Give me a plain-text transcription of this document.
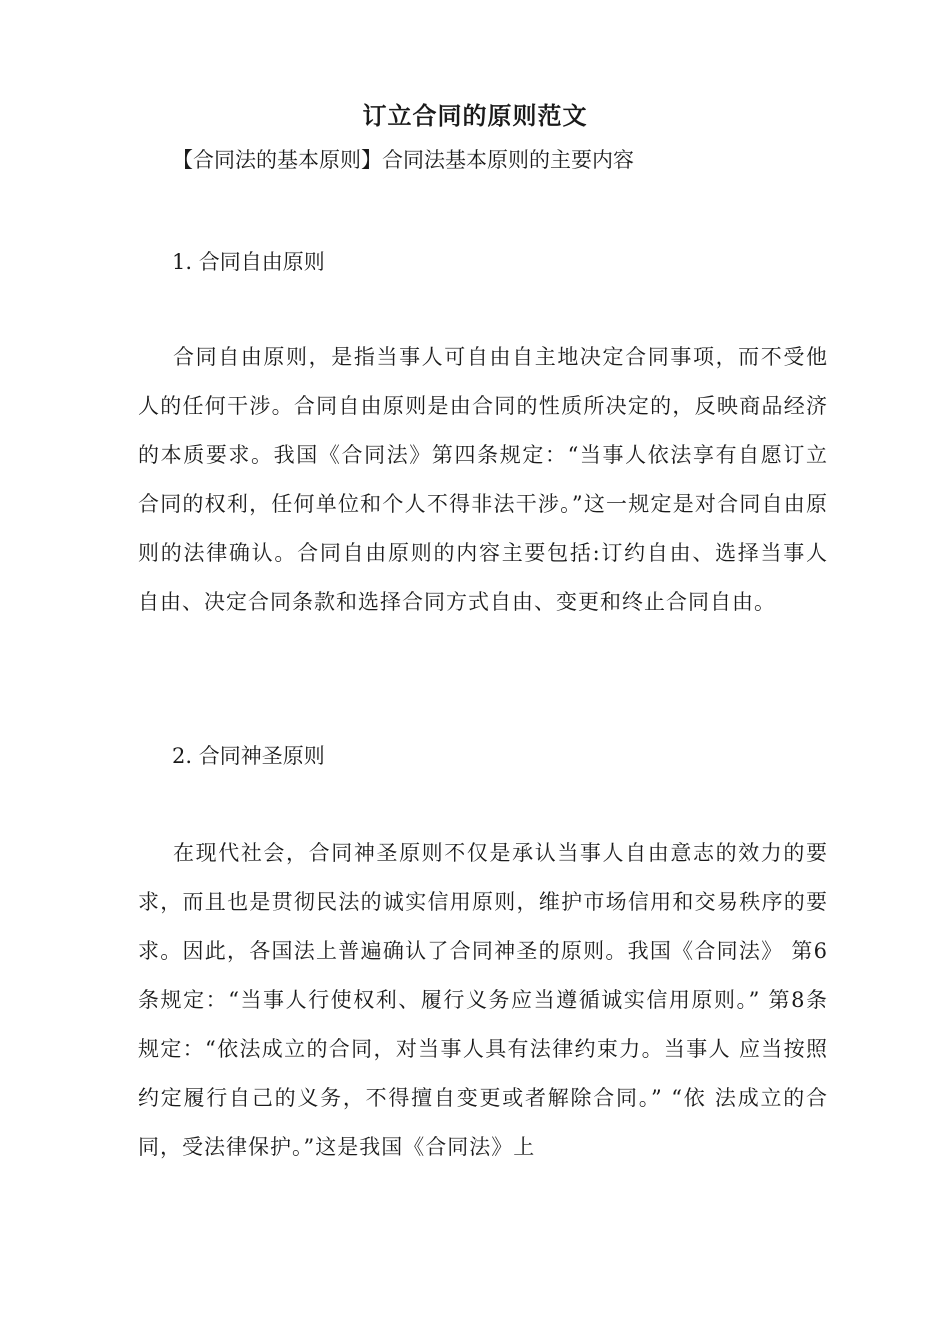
订立合同的原则范文
【合同法的基本原则】合同法基本原则的主要内容
1. 合同自由原则

合同自由原则，是指当事人可自由自主地决定合同事项，而不受他人的任何干涉。合同自由原则是由合同的性质所决定的，反映商品经济的本质要求。我国《合同法》第四条规定：“当事人依法享有自愿订立合同的权利，任何单位和个人不得非法干涉。”这一规定是对合同自由原则的法律确认。合同自由原则的内容主要包括:订约自由、选择当事人自由、决定合同条款和选择合同方式自由、变更和终止合同自由。

2. 合同神圣原则

在现代社会，合同神圣原则不仅是承认当事人自由意志的效力的要求，而且也是贯彻民法的诚实信用原则，维护市场信用和交易秩序的要求。因此，各国法上普遍确认了合同神圣的原则。我国《合同法》 第6条规定：“当事人行使权利、履行义务应当遵循诚实信用原则。” 第8条规定：“依法成立的合同，对当事人具有法律约束力。当事人 应当按照约定履行自己的义务，不得擅自变更或者解除合同。” “依 法成立的合同，受法律保护。”这是我国《合同法》上
